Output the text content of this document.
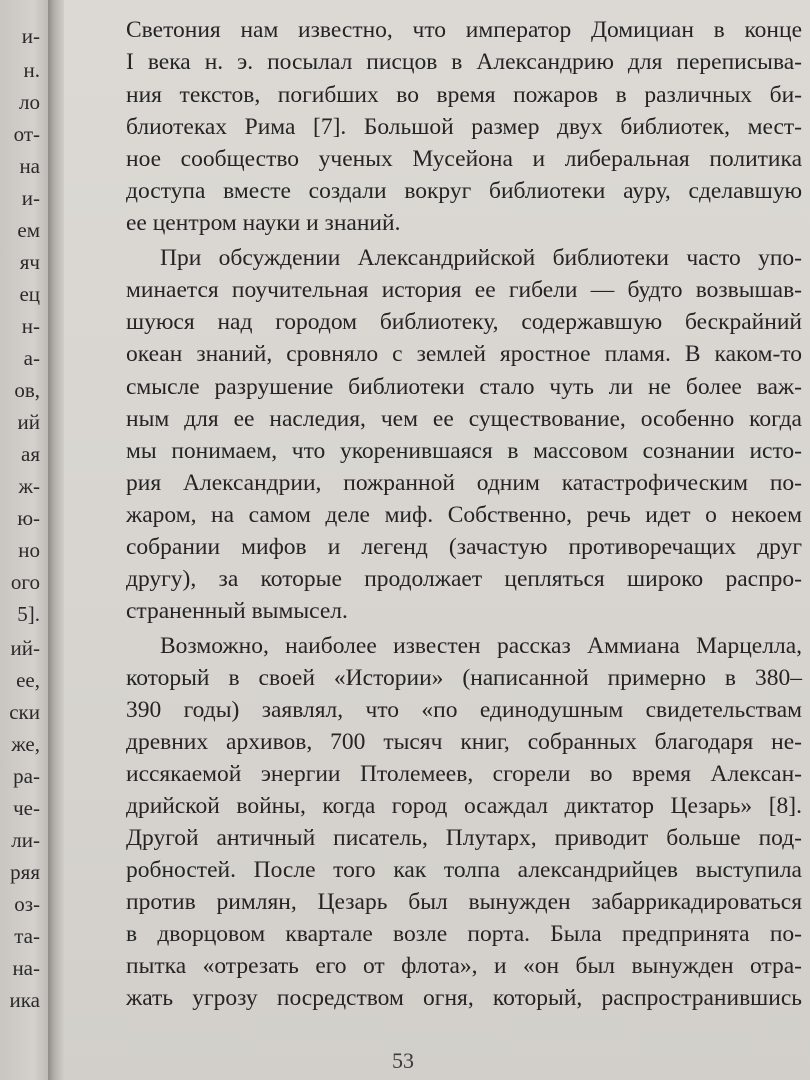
и-
н.
ло
от-
на
и-
ем
яч
ец
н-
а-
ов,
ий
ая
ж-
ю-
но
ого
5].
ий-
ее,
ски
же,
ра-
че-
ли-
ряя
оз-
та-
на-
ика
Светония нам известно, что император Домициан в конце
I века н. э. посылал писцов в Александрию для переписыва-
ния текстов, погибших во время пожаров в различных би-
блиотеках Рима [7]. Большой размер двух библиотек, мест-
ное сообщество ученых Мусейона и либеральная политика
доступа вместе создали вокруг библиотеки ауру, сделавшую
ее центром науки и знаний.
При обсуждении Александрийской библиотеки часто упо-
минается поучительная история ее гибели — будто возвышав-
шуюся над городом библиотеку, содержавшую бескрайний
океан знаний, сровняло с землей яростное пламя. В каком-то
смысле разрушение библиотеки стало чуть ли не более важ-
ным для ее наследия, чем ее существование, особенно когда
мы понимаем, что укоренившаяся в массовом сознании исто-
рия Александрии, пожранной одним катастрофическим по-
жаром, на самом деле миф. Собственно, речь идет о некоем
собрании мифов и легенд (зачастую противоречащих друг
другу), за которые продолжает цепляться широко распро-
страненный вымысел.
Возможно, наиболее известен рассказ Аммиана Марцелла,
который в своей «Истории» (написанной примерно в 380–
390 годы) заявлял, что «по единодушным свидетельствам
древних архивов, 700 тысяч книг, собранных благодаря не-
иссякаемой энергии Птолемеев, сгорели во время Алексан-
дрийской войны, когда город осаждал диктатор Цезарь» [8].
Другой античный писатель, Плутарх, приводит больше под-
робностей. После того как толпа александрийцев выступила
против римлян, Цезарь был вынужден забаррикадироваться
в дворцовом квартале возле порта. Была предпринята по-
пытка «отрезать его от флота», и «он был вынужден отра-
жать угрозу посредством огня, который, распространившись
53
